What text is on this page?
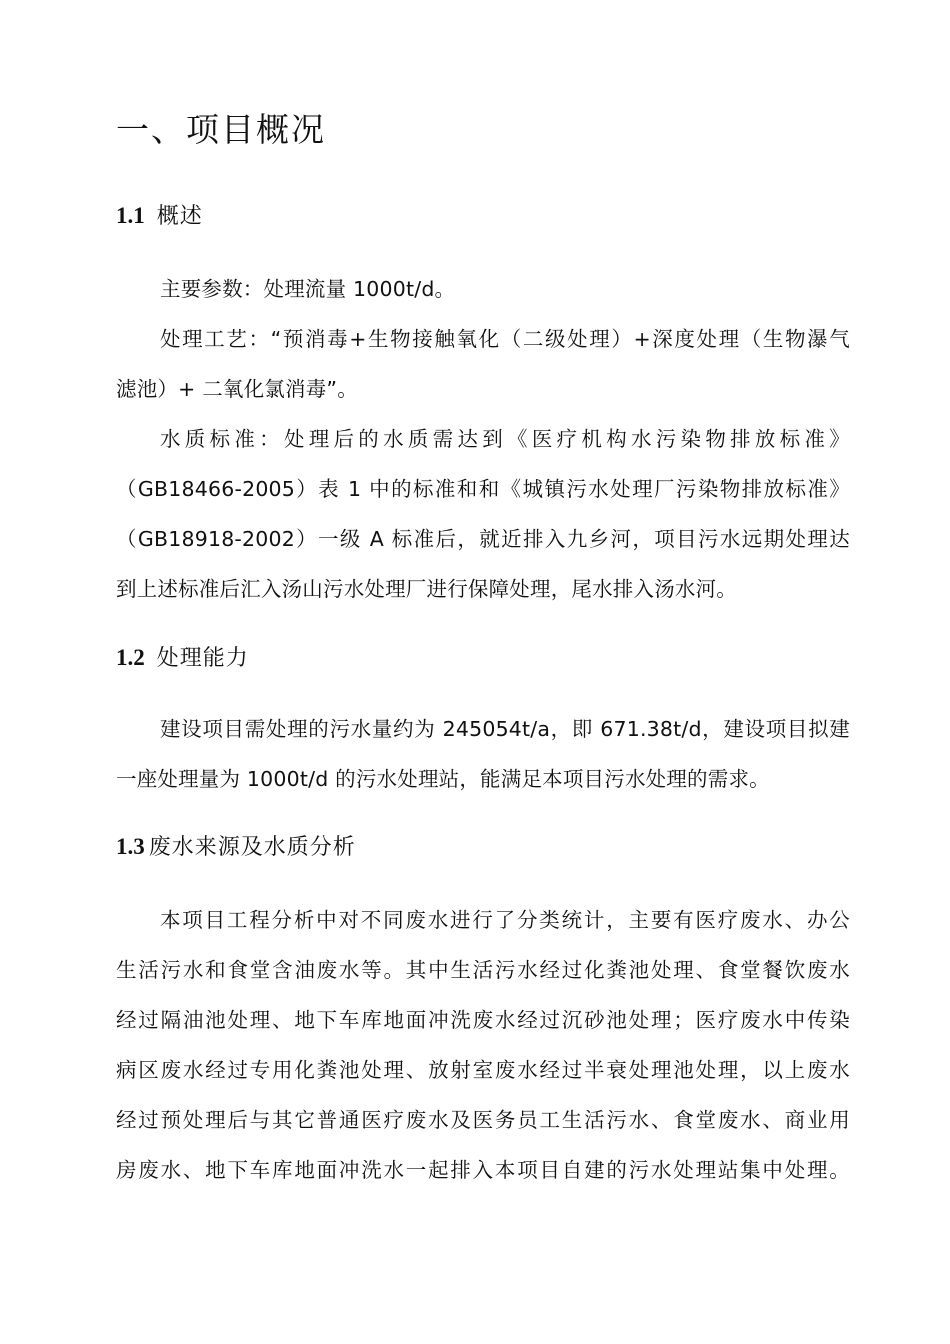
一、项目概况
1.1 概述
主要参数：处理流量 1000t/d。
处理工艺：“预消毒+生物接触氧化（二级处理）+深度处理（生物瀑气
滤池）+ 二氧化氯消毒”。
水质标准：处理后的水质需达到《医疗机构水污染物排放标准》
（GB18466-2005）表 1 中的标准和和《城镇污水处理厂污染物排放标准》
（GB18918-2002）一级 A 标准后，就近排入九乡河，项目污水远期处理达
到上述标准后汇入汤山污水处理厂进行保障处理，尾水排入汤水河。
1.2 处理能力
建设项目需处理的污水量约为 245054t/a，即 671.38t/d，建设项目拟建
一座处理量为 1000t/d 的污水处理站，能满足本项目污水处理的需求。
1.3 废水来源及水质分析
本项目工程分析中对不同废水进行了分类统计，主要有医疗废水、办公
生活污水和食堂含油废水等。其中生活污水经过化粪池处理、食堂餐饮废水
经过隔油池处理、地下车库地面冲洗废水经过沉砂池处理；医疗废水中传染
病区废水经过专用化粪池处理、放射室废水经过半衰处理池处理，以上废水
经过预处理后与其它普通医疗废水及医务员工生活污水、食堂废水、商业用
房废水、地下车库地面冲洗水一起排入本项目自建的污水处理站集中处理。
